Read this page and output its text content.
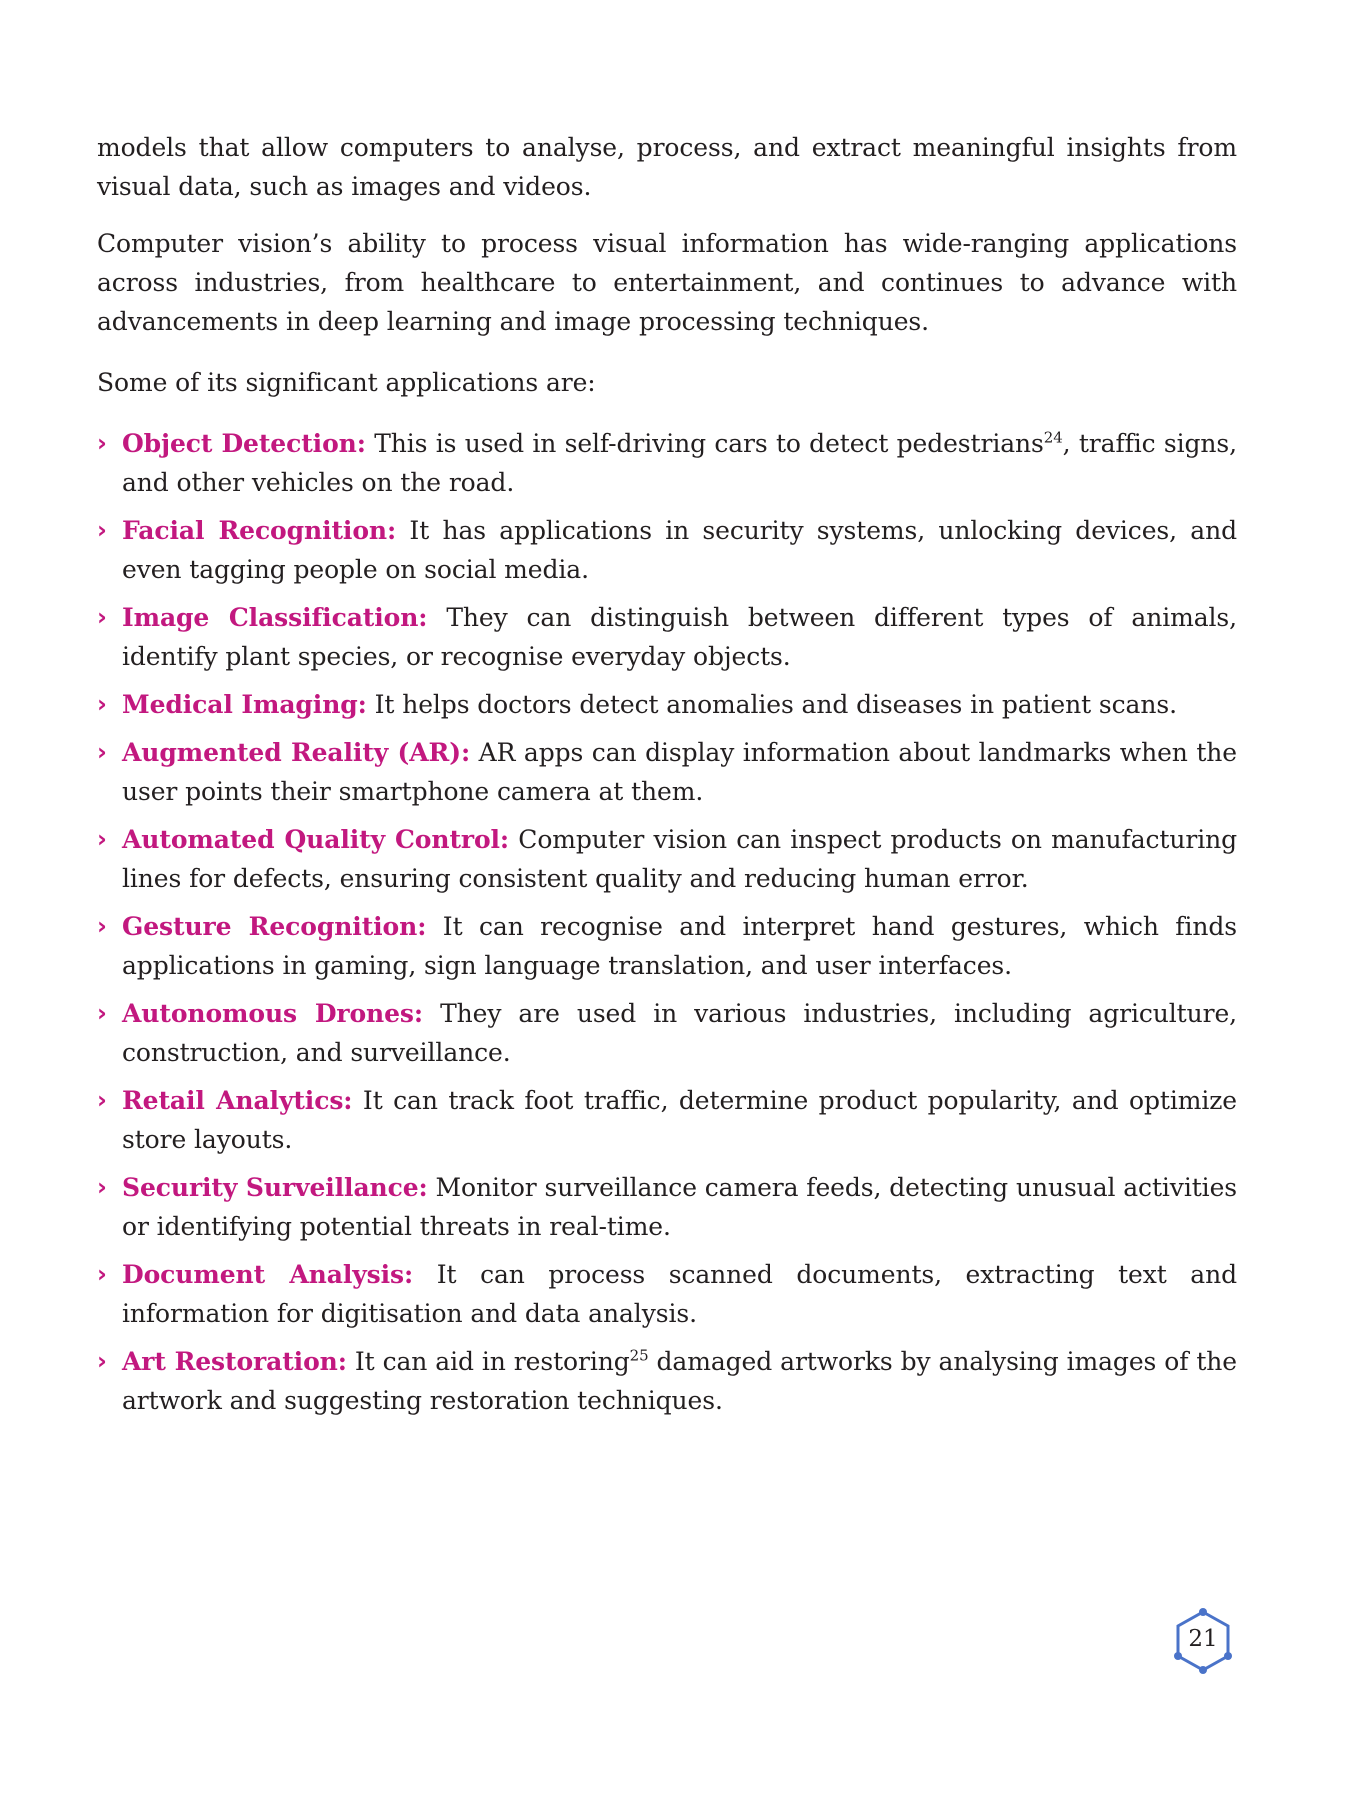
models that allow computers to analyse, process, and extract meaningful insights from visual data, such as images and videos.

Computer vision’s ability to process visual information has wide-ranging applications across industries, from healthcare to entertainment, and continues to advance with advancements in deep learning and image processing techniques.

Some of its significant applications are:

› Object Detection: This is used in self-driving cars to detect pedestrians$^{24}$, traffic signs, and other vehicles on the road.
› Facial Recognition: It has applications in security systems, unlocking devices, and even tagging people on social media.
› Image Classification: They can distinguish between different types of animals, identify plant species, or recognise everyday objects.
› Medical Imaging: It helps doctors detect anomalies and diseases in patient scans.
› Augmented Reality (AR): AR apps can display information about landmarks when the user points their smartphone camera at them.
› Automated Quality Control: Computer vision can inspect products on manufacturing lines for defects, ensuring consistent quality and reducing human error.
› Gesture Recognition: It can recognise and interpret hand gestures, which finds applications in gaming, sign language translation, and user interfaces.
› Autonomous Drones: They are used in various industries, including agriculture, construction, and surveillance.
› Retail Analytics: It can track foot traffic, determine product popularity, and optimize store layouts.
› Security Surveillance: Monitor surveillance camera feeds, detecting unusual activities or identifying potential threats in real-time.
› Document Analysis: It can process scanned documents, extracting text and information for digitisation and data analysis.
› Art Restoration: It can aid in restoring$^{25}$ damaged artworks by analysing images of the artwork and suggesting restoration techniques.
21
